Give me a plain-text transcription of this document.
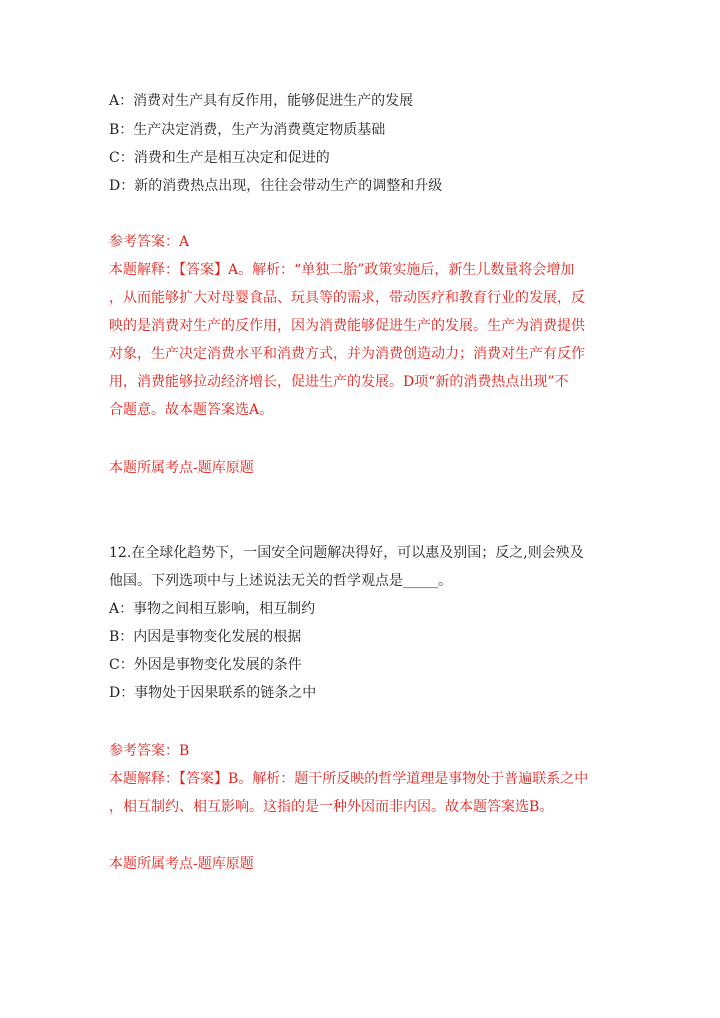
A：消费对生产具有反作用，能够促进生产的发展
B：生产决定消费，生产为消费奠定物质基础
C：消费和生产是相互决定和促进的
D：新的消费热点出现，往往会带动生产的调整和升级
参考答案：A
本题解释：【答案】A。解析：“单独二胎”政策实施后，新生儿数量将会增加
，从而能够扩大对母婴食品、玩具等的需求，带动医疗和教育行业的发展，反
映的是消费对生产的反作用，因为消费能够促进生产的发展。生产为消费提供
对象，生产决定消费水平和消费方式，并为消费创造动力；消费对生产有反作
用，消费能够拉动经济增长，促进生产的发展。D项“新的消费热点出现”不
合题意。故本题答案选A。
本题所属考点-题库原题
12.在全球化趋势下，一国安全问题解决得好，可以惠及别国；反之,则会殃及
他国。下列选项中与上述说法无关的哲学观点是_____。
A：事物之间相互影响，相互制约
B：内因是事物变化发展的根据
C：外因是事物变化发展的条件
D：事物处于因果联系的链条之中
参考答案：B
本题解释：【答案】B。解析：题干所反映的哲学道理是事物处于普遍联系之中
，相互制约、相互影响。这指的是一种外因而非内因。故本题答案选B。
本题所属考点-题库原题
